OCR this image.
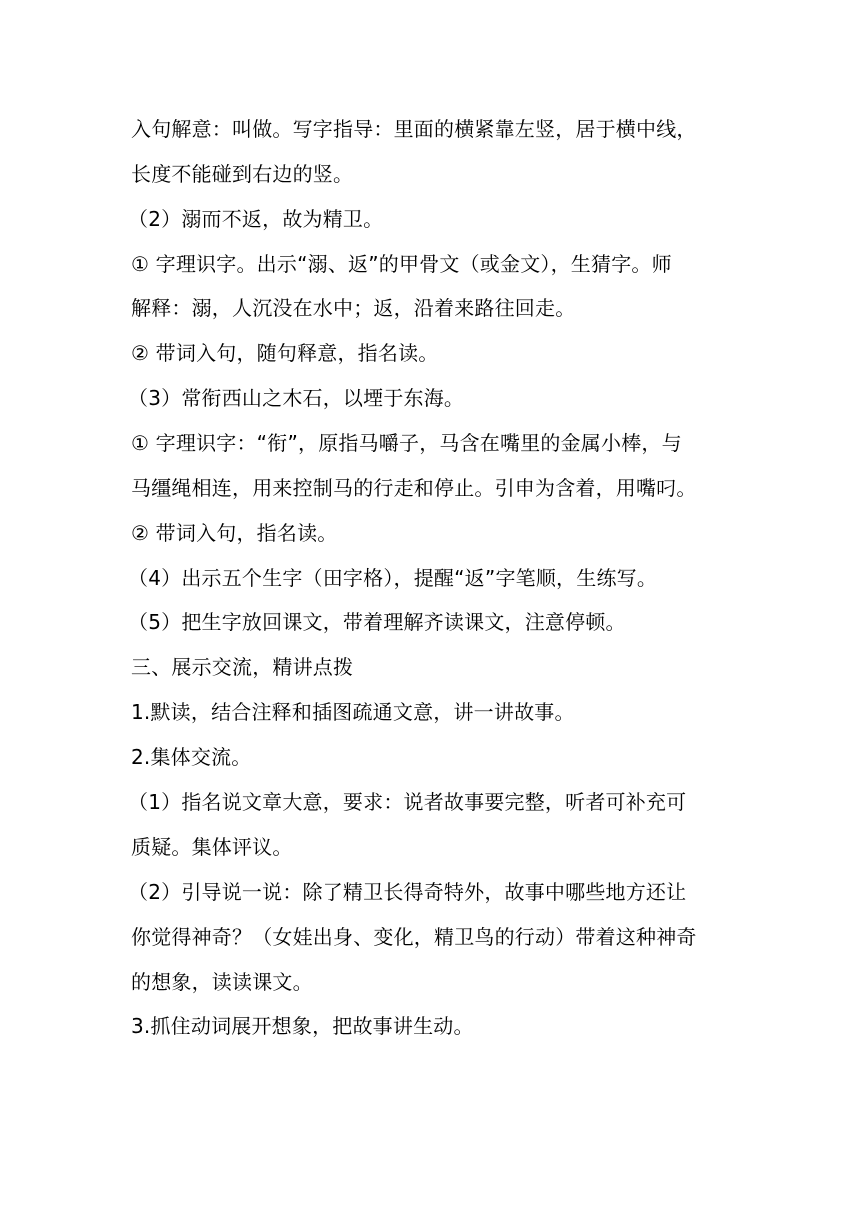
入句解意：叫做。写字指导：里面的横紧靠左竖，居于横中线，
长度不能碰到右边的竖。
（2）溺而不返，故为精卫。
① 字理识字。出示“溺、返”的甲骨文（或金文），生猜字。师
解释：溺，人沉没在水中；返，沿着来路往回走。
② 带词入句，随句释意，指名读。
（3）常衔西山之木石，以堙于东海。
① 字理识字：“衔”，原指马嚼子，马含在嘴里的金属小棒，与
马缰绳相连，用来控制马的行走和停止。引申为含着，用嘴叼。
② 带词入句，指名读。
（4）出示五个生字（田字格），提醒“返”字笔顺，生练写。
（5）把生字放回课文，带着理解齐读课文，注意停顿。
三、展示交流，精讲点拨
1.默读，结合注释和插图疏通文意，讲一讲故事。
2.集体交流。
（1）指名说文章大意，要求：说者故事要完整，听者可补充可
质疑。集体评议。
（2）引导说一说：除了精卫长得奇特外，故事中哪些地方还让
你觉得神奇？（女娃出身、变化，精卫鸟的行动）带着这种神奇
的想象，读读课文。
3.抓住动词展开想象，把故事讲生动。
